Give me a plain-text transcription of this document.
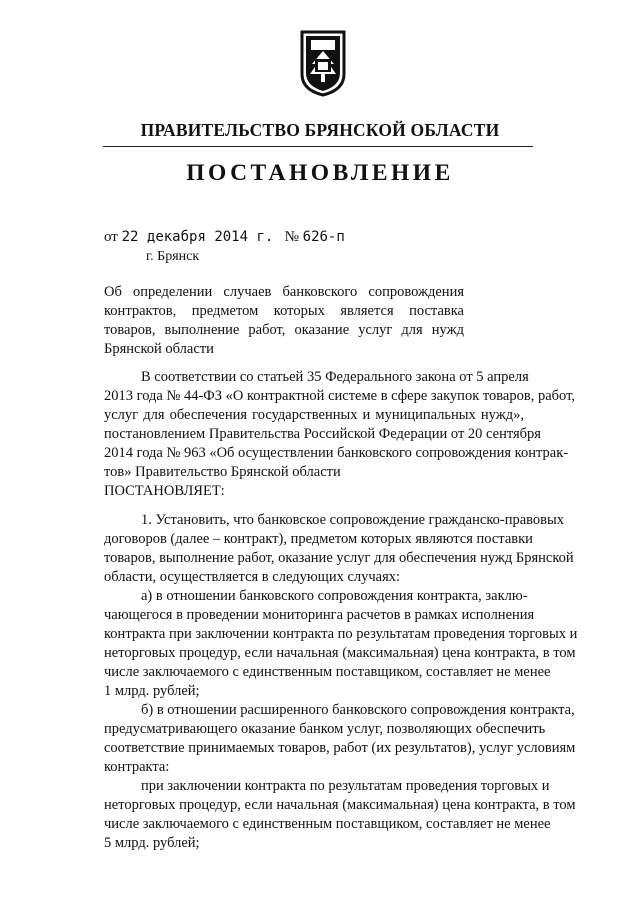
ПРАВИТЕЛЬСТВО БРЯНСКОЙ ОБЛАСТИ
ПОСТАНОВЛЕНИЕ
от 22 декабря 2014 г. № 626-п
г. Брянск
Об определении случаев банковского сопровождения
контрактов, предметом которых является поставка
товаров, выполнение работ, оказание услуг для нужд
Брянской области
В соответствии со статьей 35 Федерального закона от 5 апреля
2013 года № 44-ФЗ «О контрактной системе в сфере закупок товаров, работ,
услуг для обеспечения государственных и муниципальных нужд»,
постановлением Правительства Российской Федерации от 20 сентября
2014 года № 963 «Об осуществлении банковского сопровождения контрак-
тов» Правительство Брянской области
ПОСТАНОВЛЯЕТ:
1. Установить, что банковское сопровождение гражданско-правовых
договоров (далее – контракт), предметом которых являются поставки
товаров, выполнение работ, оказание услуг для обеспечения нужд Брянской
области, осуществляется в следующих случаях:
а) в отношении банковского сопровождения контракта, заклю-
чающегося в проведении мониторинга расчетов в рамках исполнения
контракта при заключении контракта по результатам проведения торговых и
неторговых процедур, если начальная (максимальная) цена контракта, в том
числе заключаемого с единственным поставщиком, составляет не менее
1 млрд. рублей;
б) в отношении расширенного банковского сопровождения контракта,
предусматривающего оказание банком услуг, позволяющих обеспечить
соответствие принимаемых товаров, работ (их результатов), услуг условиям
контракта:
при заключении контракта по результатам проведения торговых и
неторговых процедур, если начальная (максимальная) цена контракта, в том
числе заключаемого с единственным поставщиком, составляет не менее
5 млрд. рублей;
